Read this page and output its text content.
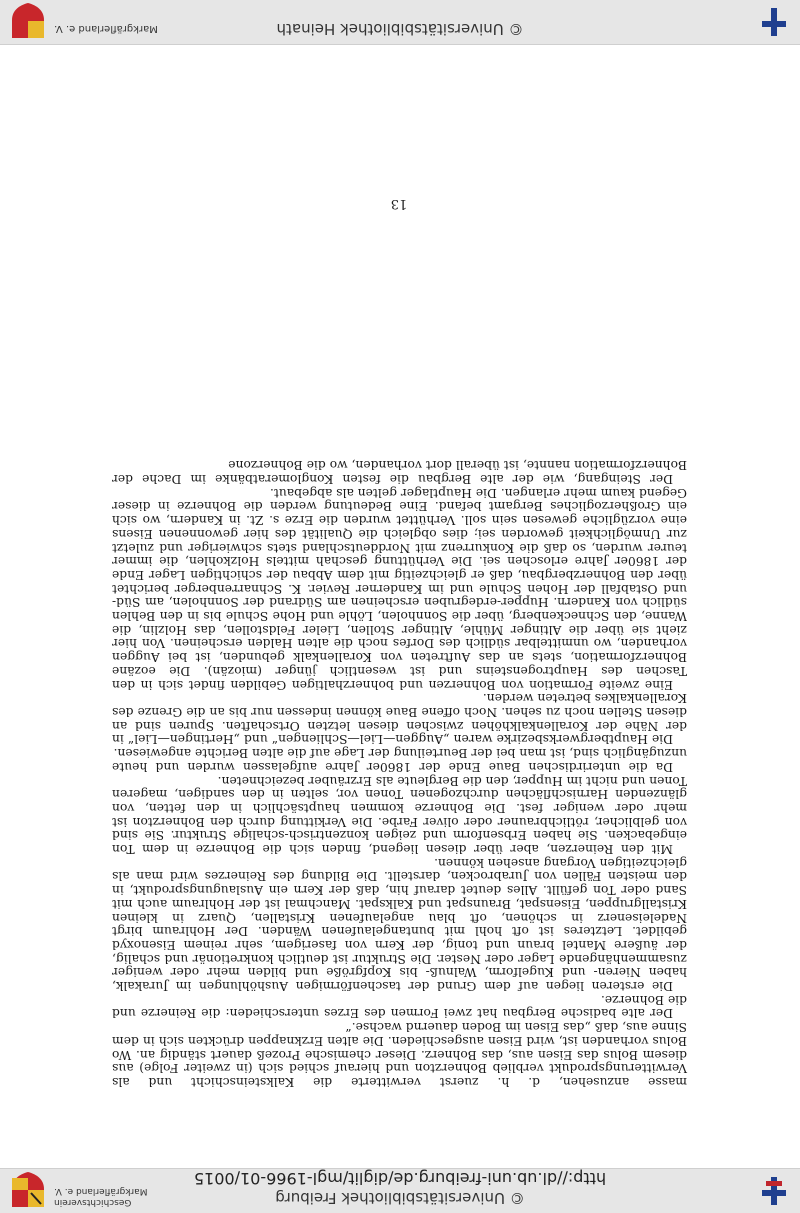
© Universitätsbibliothek Freiburg
http://dl.ub.uni-freiburg.de/diglit/mgl-1966-01/0015
Geschichtsverein Markgräflerland e. V.

masse anzusehen, d. h. zuerst verwitterte die Kalksteinschicht und als Verwitterungsprodukt verblieb Bohnerzton und hierauf schied sich (in zweiter Folge) aus diesem Bolus das Eisen aus, das Bohnerz. Dieser chemische Prozeß dauert ständig an. Wo Bolus vorhanden ist, wird Eisen ausgeschieden. Die alten Erzknappen drückten sich in dem Sinne aus, daß „das Eisen im Boden dauernd wachse.“

Der alte badische Bergbau hat zwei Formen des Erzes unterschieden: die Reinerze und die Bohnerze.

Die ersteren liegen auf dem Grund der taschenförmigen Aushöhlungen im Jurakalk, haben Nieren- und Kugelform, Walnuß- bis Kopfgröße und bilden mehr oder weniger zusammenhängende Lager oder Nester. Die Struktur ist deutlich konkretionär und schalig, der äußere Mantel braun und tonig, der Kern von faserigem, sehr reinem Eisenoxyd gebildet. Letzteres ist oft hohl mit buntangelaufenen Wänden. Der Hohlraum birgt Nadeleisenerz in schönen, oft blau angelaufenen Kristallen, Quarz in kleinen Kristallgruppen, Eisenspat, Braunspat und Kalkspat. Manchmal ist der Hohlraum auch mit Sand oder Ton gefüllt. Alles deutet darauf hin, daß der Kern ein Auslaugungsprodukt, in den meisten Fällen von Jurabrocken, darstellt. Die Bildung des Reinerzes wird man als gleichzeitigen Vorgang ansehen können.

Mit den Reinerzen, aber über diesen liegend, finden sich die Bohnerze in dem Ton eingebacken. Sie haben Erbsenform und zeigen konzentrisch-schalige Struktur. Sie sind von gelblicher, rötlichbrauner oder oliver Farbe. Die Verkittung durch den Bohnerzton ist mehr oder weniger fest. Die Bohnerze kommen hauptsächlich in den fetten, von glänzenden Harnischflächen durchzogenen Tonen vor, selten in den sandigen, mageren Tonen und nicht im Hupper, den die Bergleute als Erzräuber bezeichneten.

Da die unterirdischen Baue Ende der 1860er Jahre aufgelassen wurden und heute unzugänglich sind, ist man bei der Beurteilung der Lage auf die alten Berichte angewiesen.

Die Hauptbergwerksbezirke waren „Auggen—Liel—Schliengen“ und „Hertingen—Liel“ in der Nähe der Korallenkalkhöhen zwischen diesen letzten Ortschaften. Spuren sind an diesen Stellen noch zu sehen. Noch offene Baue können indessen nur bis an die Grenze des Korallenkalkes betreten werden.

Eine zweite Formation von Bohnerzen und bohnerzhaltigen Gebilden findet sich in den Taschen des Hauptrogensteins und ist wesentlich jünger (miozän). Die eozäne Bohnerzformation, stets an das Auftreten von Korallenkalk gebunden, ist bei Auggen vorhanden, wo unmittelbar südlich des Dorfes noch die alten Halden erscheinen. Von hier zieht sie über die Altinger Mühle, Altinger Stollen, Lieler Feldstollen, das Holzlin, die Wanne, den Schneckenberg, über die Sonnholen, Löhle und Hohe Schule bis in den Behlen südlich von Kandern. Hupper-erdegruben erscheinen am Südrand der Sonnholen, am Süd- und Ostabfall der Hohen Schule und im Kanderner Revier. K. Schnarrenberger berichtet über den Bohnerzbergbau, daß er gleichzeitig mit dem Abbau der schichtigen Lager Ende der 1860er Jahre erloschen sei. Die Verhüttung geschah mittels Holzkohlen, die immer teurer wurden, so daß die Konkurrenz mit Norddeutschland stets schwieriger und zuletzt zur Unmöglichkeit geworden sei; dies obgleich die Qualität des hier gewonnenen Eisens eine vorzügliche gewesen sein soll. Verhüttet wurden die Erze s. Zt. in Kandern, wo sich ein Großherzogliches Bergamt befand. Eine Bedeutung werden die Bohnerze in dieser Gegend kaum mehr erlangen. Die Hauptlager gelten als abgebaut.

Der Steingang, wie der alte Bergbau die festen Konglomeratbänke im Dache der Bohnerzformation nannte, ist überall dort vorhanden, wo die Bohnerzone

13
© Universitätsbibliothek Heinath
Markgräflerland e. V.
